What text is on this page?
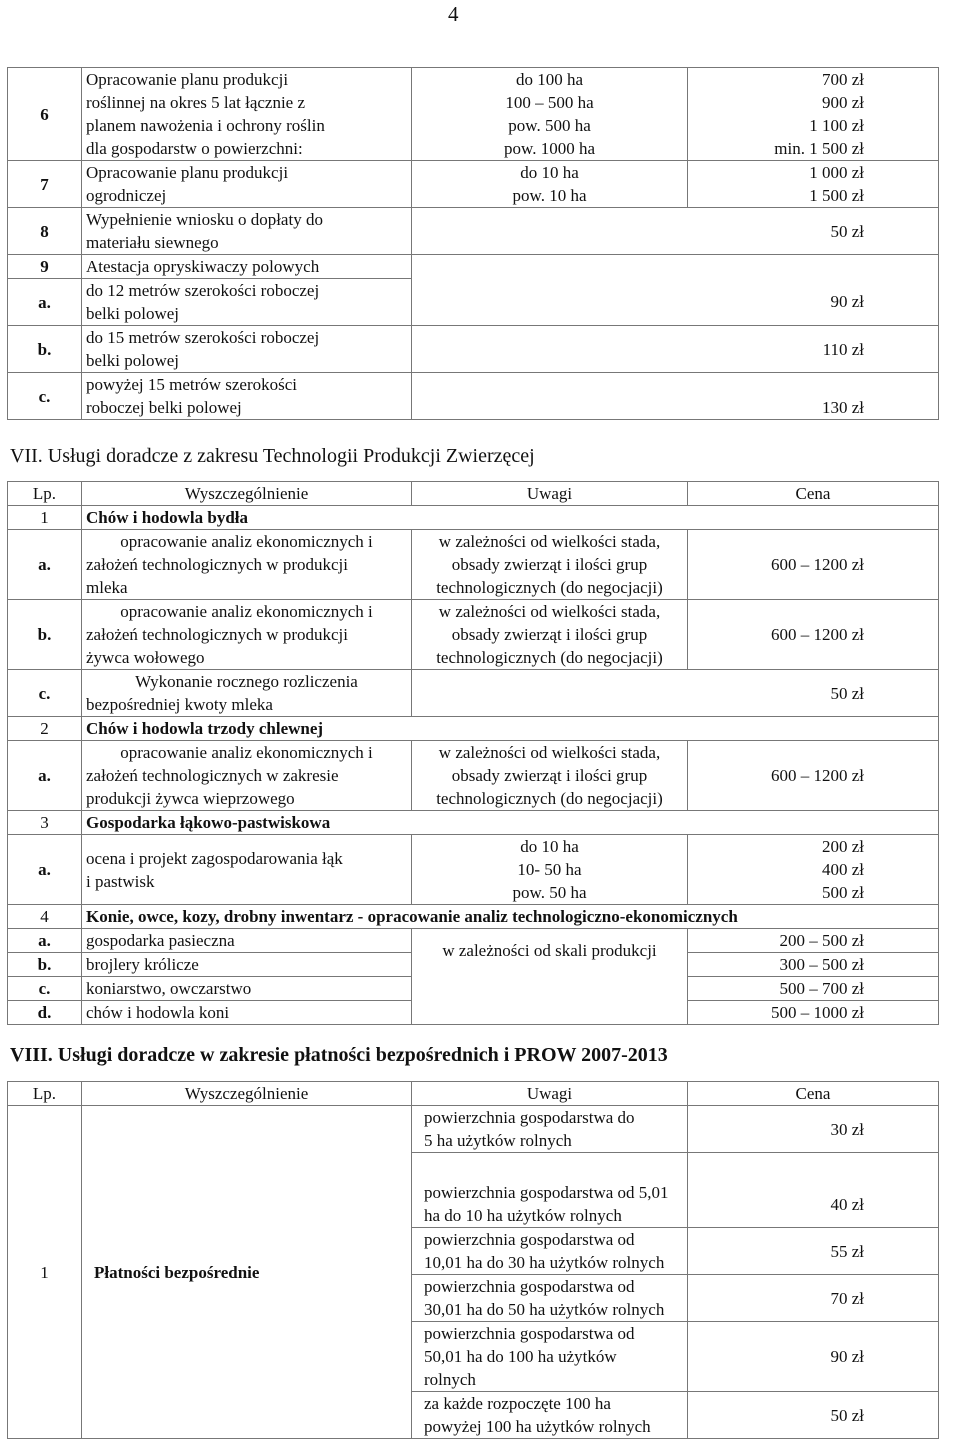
4
6	Opracowanie planu produkcji
roślinnej na okres 5 lat łącznie z
planem nawożenia i ochrony roślin
dla gospodarstw o powierzchni:	do 100 ha
100 – 500 ha
pow. 500 ha
pow. 1000 ha	700 zł
900 zł
1 100 zł
min. 1 500 zł

7	Opracowanie planu produkcji
ogrodniczej	do 10 ha
pow. 10 ha	1 000 zł
1 500 zł

8	Wypełnienie wniosku o dopłaty do
materiału siewnego	50 zł	
9	Atestacja opryskiwaczy polowych		
a.	do 12 metrów szerokości roboczej
belki polowej	90 zł	
b.	do 15 metrów szerokości roboczej
belki polowej	110 zł	
c.	powyżej 15 metrów szerokości
roboczej belki polowej	130 zł	
VII. Usługi doradcze z zakresu Technologii Produkcji Zwierzęcej
Lp.	Wyszczególnienie	Uwagi	Cena
1	Chów i hodowla bydła		
a.	opracowanie analiz ekonomicznych i
założeń technologicznych w produkcji
mleka	w zależności od wielkości stada,
obsady zwierząt i ilości grup
technologicznych (do negocjacji)	600 – 1200 zł
b.	opracowanie analiz ekonomicznych i
założeń technologicznych w produkcji
żywca wołowego	w zależności od wielkości stada,
obsady zwierząt i ilości grup
technologicznych (do negocjacji)	600 – 1200 zł
c.	Wykonanie rocznego rozliczenia
bezpośredniej kwoty mleka	50 zł	
2	Chów i hodowla trzody chlewnej		
a.	opracowanie analiz ekonomicznych i
założeń technologicznych w zakresie
produkcji żywca wieprzowego	w zależności od wielkości stada,
obsady zwierząt i ilości grup
technologicznych (do negocjacji)	600 – 1200 zł
3	Gospodarka łąkowo-pastwiskowa		
a.	ocena i projekt zagospodarowania łąk
i pastwisk	do 10 ha
10- 50 ha
pow. 50 ha	200 zł
400 zł
500 zł

4	Konie, owce, kozy, drobny inwentarz - opracowanie analiz technologiczno-ekonomicznych		
a.	gospodarka pasieczna	w zależności od skali produkcji	200 – 500 zł
b.	brojlery królicze		300 – 500 zł
c.	koniarstwo, owczarstwo		500 – 700 zł
d.	chów i hodowla koni		500 – 1000 zł
VIII. Usługi doradcze w zakresie płatności bezpośrednich i PROW 2007-2013
Lp.	Wyszczególnienie	Uwagi	Cena
1	Płatności bezpośrednie	powierzchnia gospodarstwa do
5 ha użytków rolnych	30 zł

		powierzchnia gospodarstwa od 5,01
ha do 10 ha użytków rolnych	40 zł

		powierzchnia gospodarstwa od
10,01 ha do 30 ha użytków rolnych	55 zł

		powierzchnia gospodarstwa od
30,01 ha do 50 ha użytków rolnych	70 zł

		powierzchnia gospodarstwa od
50,01 ha do 100 ha użytków
rolnych	90 zł

		za każde rozpoczęte 100 ha
powyżej 100 ha użytków rolnych	50 zł
